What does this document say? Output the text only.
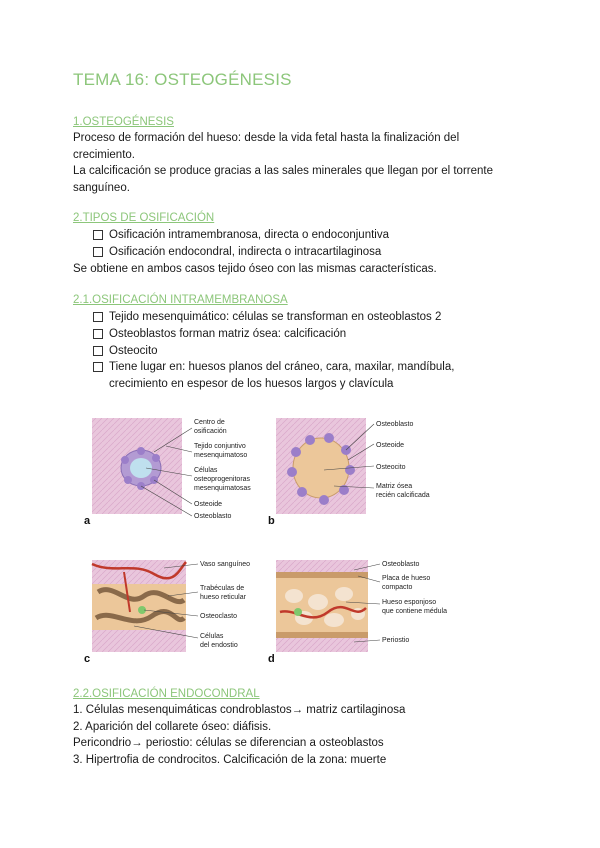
TEMA 16: OSTEOGÉNESIS
1.OSTEOGÉNESIS
Proceso de formación del hueso: desde la vida fetal hasta la finalización del
crecimiento.
La calcificación se produce gracias a las sales minerales que llegan por el torrente
sanguíneo.
2.TIPOS DE OSIFICACIÓN
Osificación intramembranosa, directa o endoconjuntiva
Osificación endocondral, indirecta o intracartilaginosa
Se obtiene en ambos casos tejido óseo con las mismas características.
2.1.OSIFICACIÓN INTRAMEMBRANOSA
Tejido mesenquimático: células se transforman en osteoblastos 2
Osteoblastos forman matriz ósea: calcificación
Osteocito
Tiene lugar en: huesos planos del cráneo, cara, maxilar, mandíbula,
crecimiento en espesor de los huesos largos y clavícula
a
Centro de
osificación
Tejido conjuntivo
mesenquimatoso
Células
osteoprogenitoras
mesenquimatosas
Osteoide
Osteoblasto	b
Osteoblasto
Osteoide
Osteocito
Matriz ósea
recién calcificada
c
Vaso sanguíneo
Trabéculas de
hueso reticular
Osteoclasto
Células
del endostio
d
Osteoblasto
Placa de hueso
compacto
Hueso esponjoso
que contiene médula
Periostio
2.2.OSIFICACIÓN ENDOCONDRAL
1. Células mesenquimáticas condroblastos→ matriz cartilaginosa
2. Aparición del collarete óseo: diáfisis.
Pericondrio→ periostio: células se diferencian a osteoblastos
3. Hipertrofia de condrocitos. Calcificación de la zona: muerte
